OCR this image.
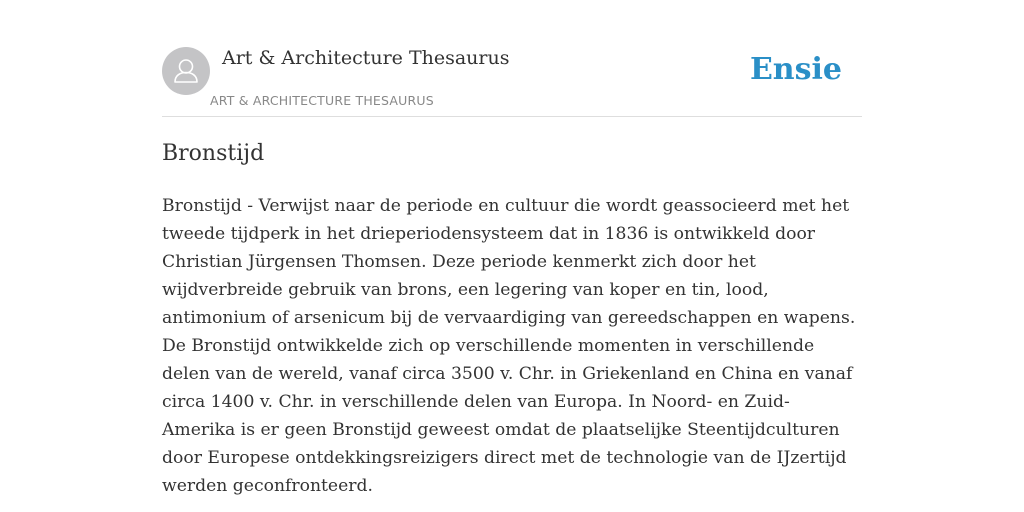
Art & Architecture Thesaurus
ART & ARCHITECTURE THESAURUS
Ensie
Bronstijd

Bronstijd - Verwijst naar de periode en cultuur die wordt geassocieerd met het tweede tijdperk in het drieperiodensysteem dat in 1836 is ontwikkeld door Christian Jürgensen Thomsen. Deze periode kenmerkt zich door het wijdverbreide gebruik van brons, een legering van koper en tin, lood, antimonium of arsenicum bij de vervaardiging van gereedschappen en wapens. De Bronstijd ontwikkelde zich op verschillende momenten in verschillende delen van de wereld, vanaf circa 3500 v. Chr. in Griekenland en China en vanaf circa 1400 v. Chr. in verschillende delen van Europa. In Noord- en Zuid-Amerika is er geen Bronstijd geweest omdat de plaatselijke Steentijdculturen door Europese ontdekkingsreizigers direct met de technologie van de IJzertijd werden geconfronteerd.
